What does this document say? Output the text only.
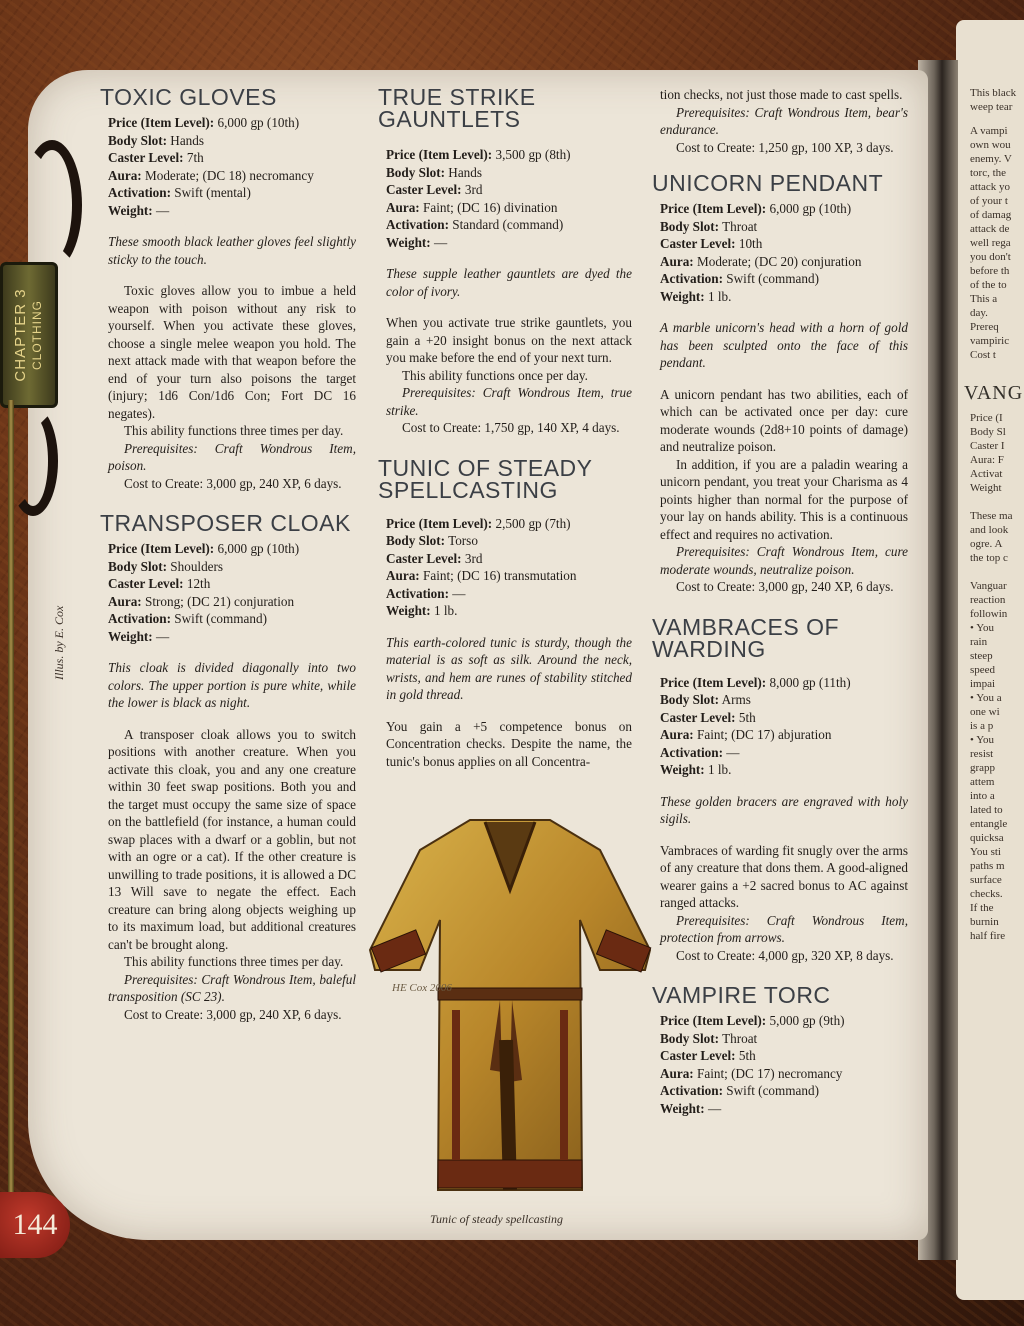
This black
weep tear
A vampi
own wou
enemy. V
torc, the
attack yo
of your t
of damag
attack de
well rega
you don't
before th
of the to
This a
day.
Prereq
vampiric
Cost t
VANG
Price (I
Body Sl
Caster I
Aura: F
Activat
Weight
These ma
and look
ogre. A
the top c
Vanguar
reaction
followin
• You
rain
steep
speed
impai
• You a
one wi
is a p
• You
resist
grapp
attem
into a
lated to
entangle
quicksa
You sti
paths m
surface
checks.
If the
burnin
half fire
CHAPTER 3 CLOTHING
Illus. by E. Cox
144
TOXIC GLOVES
Price (Item Level): 6,000 gp (10th)
Body Slot: Hands
Caster Level: 7th
Aura: Moderate; (DC 18) necromancy
Activation: Swift (mental)
Weight: —

These smooth black leather gloves feel slightly sticky to the touch.

Toxic gloves allow you to imbue a held weapon with poison without any risk to yourself. When you activate these gloves, choose a single melee weapon you hold. The next attack made with that weapon before the end of your turn also poisons the target (injury; 1d6 Con/1d6 Con; Fort DC 16 negates).

This ability functions three times per day.

Prerequisites: Craft Wondrous Item, poison.

Cost to Create: 3,000 gp, 240 XP, 6 days.

TRANSPOSER CLOAK
Price (Item Level): 6,000 gp (10th)
Body Slot: Shoulders
Caster Level: 12th
Aura: Strong; (DC 21) conjuration
Activation: Swift (command)
Weight: —

This cloak is divided diagonally into two colors. The upper portion is pure white, while the lower is black as night.

A transposer cloak allows you to switch positions with another creature. When you activate this cloak, you and any one creature within 30 feet swap positions. Both you and the target must occupy the same size of space on the battlefield (for instance, a human could swap places with a dwarf or a goblin, but not with an ogre or a cat). If the other creature is unwilling to trade positions, it is allowed a DC 13 Will save to negate the effect. Each creature can bring along objects weighing up to its maximum load, but additional creatures can't be brought along.

This ability functions three times per day.

Prerequisites: Craft Wondrous Item, baleful transposition (SC 23).

Cost to Create: 3,000 gp, 240 XP, 6 days.

TRUE STRIKE
GAUNTLETS
Price (Item Level): 3,500 gp (8th)
Body Slot: Hands
Caster Level: 3rd
Aura: Faint; (DC 16) divination
Activation: Standard (command)
Weight: —

These supple leather gauntlets are dyed the color of ivory.

When you activate true strike gauntlets, you gain a +20 insight bonus on the next attack you make before the end of your next turn.

This ability functions once per day.

Prerequisites: Craft Wondrous Item, true strike.

Cost to Create: 1,750 gp, 140 XP, 4 days.

TUNIC OF STEADY
SPELLCASTING
Price (Item Level): 2,500 gp (7th)
Body Slot: Torso
Caster Level: 3rd
Aura: Faint; (DC 16) transmutation
Activation: —
Weight: 1 lb.

This earth-colored tunic is sturdy, though the material is as soft as silk. Around the neck, wrists, and hem are runes of stability stitched in gold thread.

You gain a +5 competence bonus on Concentration checks. Despite the name, the tunic's bonus applies on all Concentra-

HE Cox 2006
Tunic of steady spellcasting

tion checks, not just those made to cast spells.

Prerequisites: Craft Wondrous Item, bear's endurance.

Cost to Create: 1,250 gp, 100 XP, 3 days.

UNICORN PENDANT
Price (Item Level): 6,000 gp (10th)
Body Slot: Throat
Caster Level: 10th
Aura: Moderate; (DC 20) conjuration
Activation: Swift (command)
Weight: 1 lb.

A marble unicorn's head with a horn of gold has been sculpted onto the face of this pendant.

A unicorn pendant has two abilities, each of which can be activated once per day: cure moderate wounds (2d8+10 points of damage) and neutralize poison.

In addition, if you are a paladin wearing a unicorn pendant, you treat your Charisma as 4 points higher than normal for the purpose of your lay on hands ability. This is a continuous effect and requires no activation.

Prerequisites: Craft Wondrous Item, cure moderate wounds, neutralize poison.

Cost to Create: 3,000 gp, 240 XP, 6 days.

VAMBRACES OF
WARDING
Price (Item Level): 8,000 gp (11th)
Body Slot: Arms
Caster Level: 5th
Aura: Faint; (DC 17) abjuration
Activation: —
Weight: 1 lb.

These golden bracers are engraved with holy sigils.

Vambraces of warding fit snugly over the arms of any creature that dons them. A good-aligned wearer gains a +2 sacred bonus to AC against ranged attacks.

Prerequisites: Craft Wondrous Item, protection from arrows.

Cost to Create: 4,000 gp, 320 XP, 8 days.

VAMPIRE TORC
Price (Item Level): 5,000 gp (9th)
Body Slot: Throat
Caster Level: 5th
Aura: Faint; (DC 17) necromancy
Activation: Swift (command)
Weight: —
